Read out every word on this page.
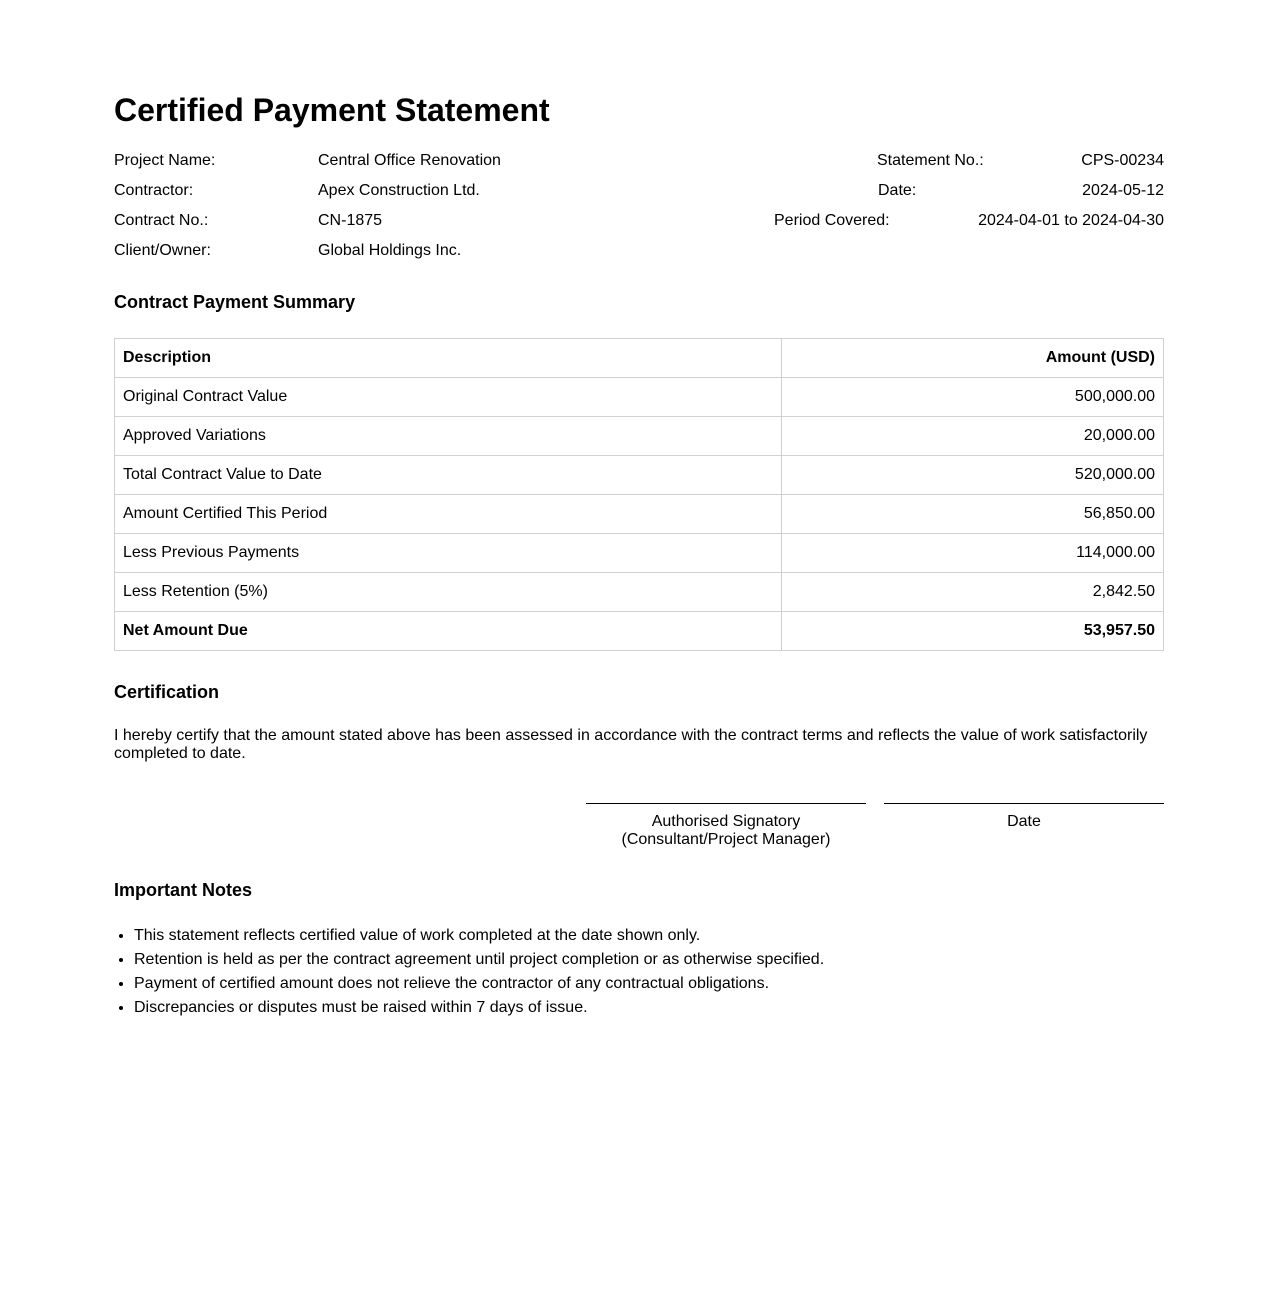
Certified Payment Statement
Project Name:	Central Office Renovation
Contractor:	Apex Construction Ltd.
Contract No.:	CN-1875
Client/Owner:	Global Holdings Inc.
Statement No.:	CPS-00234
Date:	2024-05-12
Period Covered:	2024-04-01 to 2024-04-30
Contract Payment Summary
Description	Amount (USD)
Original Contract Value	500,000.00
Approved Variations	20,000.00
Total Contract Value to Date	520,000.00
Amount Certified This Period	56,850.00
Less Previous Payments	114,000.00
Less Retention (5%)	2,842.50
Net Amount Due	53,957.50
Certification

I hereby certify that the amount stated above has been assessed in accordance with the contract terms and reflects the value of work satisfactorily completed to date.

Authorised Signatory
(Consultant/Project Manager)
Date
Important Notes
• This statement reflects certified value of work completed at the date shown only.
• Retention is held as per the contract agreement until project completion or as otherwise specified.
• Payment of certified amount does not relieve the contractor of any contractual obligations.
• Discrepancies or disputes must be raised within 7 days of issue.
